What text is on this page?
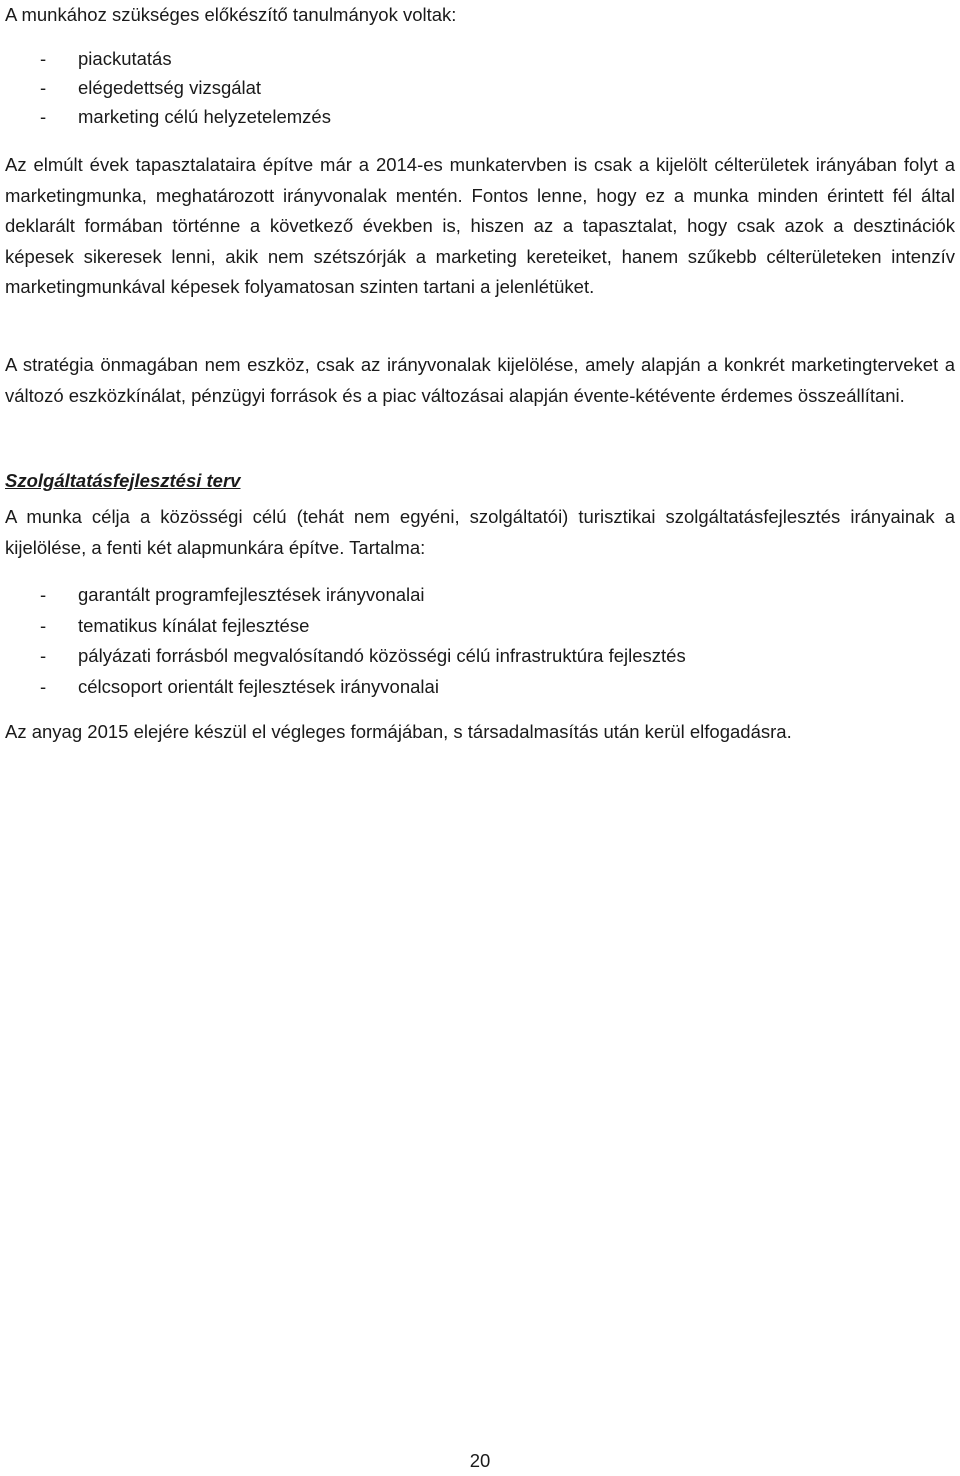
A munkához szükséges előkészítő tanulmányok voltak:

- piackutatás
- elégedettség vizsgálat
- marketing célú helyzetelemzés

Az elmúlt évek tapasztalataira építve már a 2014-es munkatervben is csak a kijelölt célterületek irányában folyt a marketingmunka, meghatározott irányvonalak mentén. Fontos lenne, hogy ez a munka minden érintett fél által deklarált formában történne a következő években is, hiszen az a tapasztalat, hogy csak azok a desztinációk képesek sikeresek lenni, akik nem szétszórják a marketing kereteiket, hanem szűkebb célterületeken intenzív marketingmunkával képesek folyamatosan szinten tartani a jelenlétüket.

A stratégia önmagában nem eszköz, csak az irányvonalak kijelölése, amely alapján a konkrét marketingterveket a változó eszközkínálat, pénzügyi források és a piac változásai alapján évente-kétévente érdemes összeállítani.

Szolgáltatásfejlesztési terv

A munka célja a közösségi célú (tehát nem egyéni, szolgáltatói) turisztikai szolgáltatásfejlesztés irányainak a kijelölése, a fenti két alapmunkára építve. Tartalma:

- garantált programfejlesztések irányvonalai
- tematikus kínálat fejlesztése
- pályázati forrásból megvalósítandó közösségi célú infrastruktúra fejlesztés
- célcsoport orientált fejlesztések irányvonalai

Az anyag 2015 elejére készül el végleges formájában, s társadalmasítás után kerül elfogadásra.

20
